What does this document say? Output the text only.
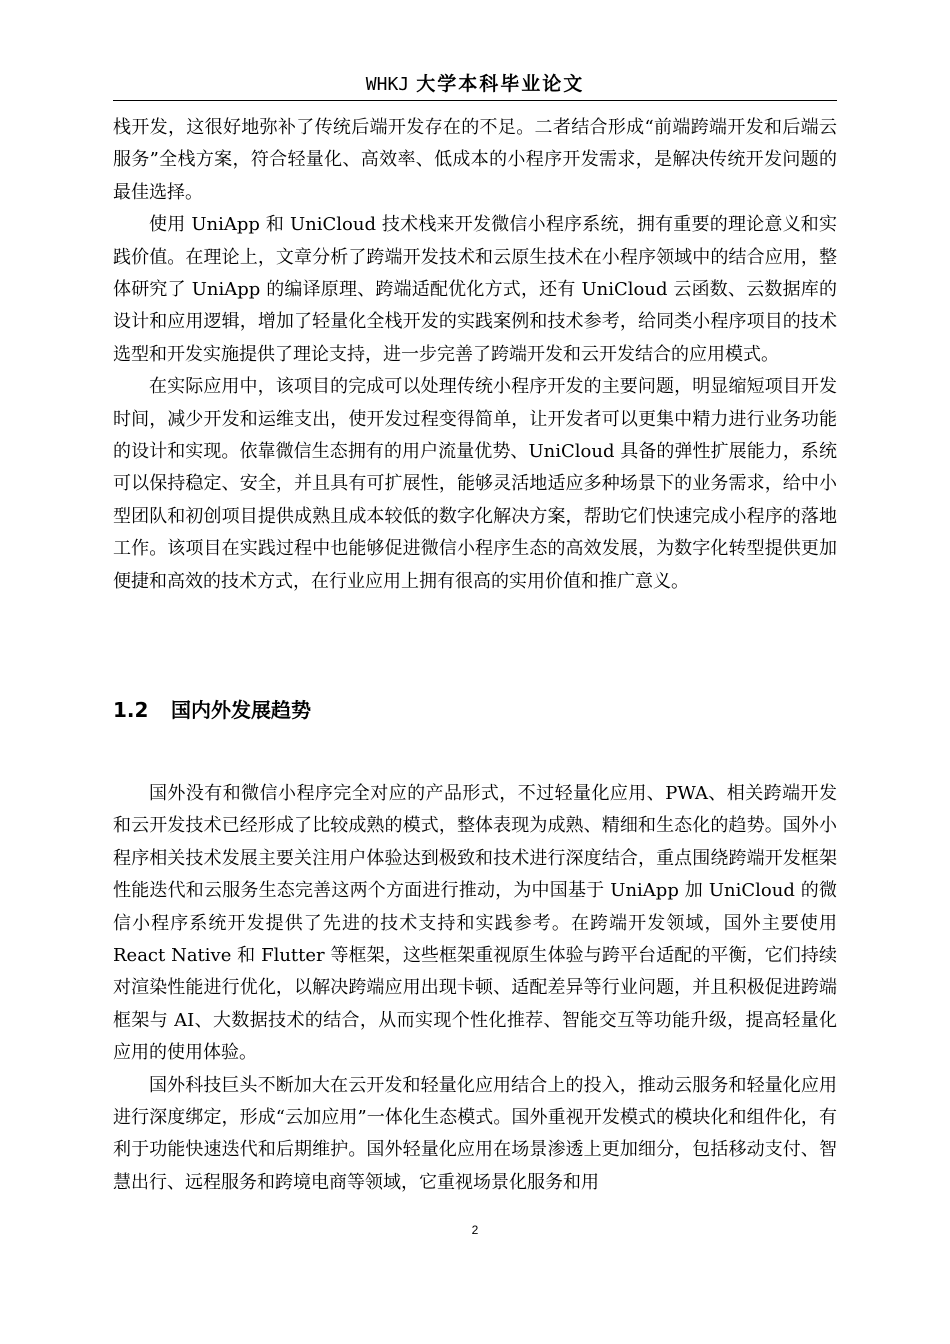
WHKJ 大学本科毕业论文

栈开发，这很好地弥补了传统后端开发存在的不足。二者结合形成“前端跨端开发和后端云服务”全栈方案，符合轻量化、高效率、低成本的小程序开发需求，是解决传统开发问题的最佳选择。

使用 UniApp 和 UniCloud 技术栈来开发微信小程序系统，拥有重要的理论意义和实践价值。在理论上，文章分析了跨端开发技术和云原生技术在小程序领域中的结合应用，整体研究了 UniApp 的编译原理、跨端适配优化方式，还有 UniCloud 云函数、云数据库的设计和应用逻辑，增加了轻量化全栈开发的实践案例和技术参考，给同类小程序项目的技术选型和开发实施提供了理论支持，进一步完善了跨端开发和云开发结合的应用模式。

在实际应用中，该项目的完成可以处理传统小程序开发的主要问题，明显缩短项目开发时间，减少开发和运维支出，使开发过程变得简单，让开发者可以更集中精力进行业务功能的设计和实现。依靠微信生态拥有的用户流量优势、UniCloud 具备的弹性扩展能力，系统可以保持稳定、安全，并且具有可扩展性，能够灵活地适应多种场景下的业务需求，给中小型团队和初创项目提供成熟且成本较低的数字化解决方案，帮助它们快速完成小程序的落地工作。该项目在实践过程中也能够促进微信小程序生态的高效发展，为数字化转型提供更加便捷和高效的技术方式，在行业应用上拥有很高的实用价值和推广意义。

1.2 国内外发展趋势

国外没有和微信小程序完全对应的产品形式，不过轻量化应用、PWA、相关跨端开发和云开发技术已经形成了比较成熟的模式，整体表现为成熟、精细和生态化的趋势。国外小程序相关技术发展主要关注用户体验达到极致和技术进行深度结合，重点围绕跨端开发框架性能迭代和云服务生态完善这两个方面进行推动，为中国基于 UniApp 加 UniCloud 的微信小程序系统开发提供了先进的技术支持和实践参考。在跨端开发领域，国外主要使用 React Native 和 Flutter 等框架，这些框架重视原生体验与跨平台适配的平衡，它们持续对渲染性能进行优化，以解决跨端应用出现卡顿、适配差异等行业问题，并且积极促进跨端框架与 AI、大数据技术的结合，从而实现个性化推荐、智能交互等功能升级，提高轻量化应用的使用体验。

国外科技巨头不断加大在云开发和轻量化应用结合上的投入，推动云服务和轻量化应用进行深度绑定，形成“云加应用”一体化生态模式。国外重视开发模式的模块化和组件化，有利于功能快速迭代和后期维护。国外轻量化应用在场景渗透上更加细分，包括移动支付、智慧出行、远程服务和跨境电商等领域，它重视场景化服务和用

2
